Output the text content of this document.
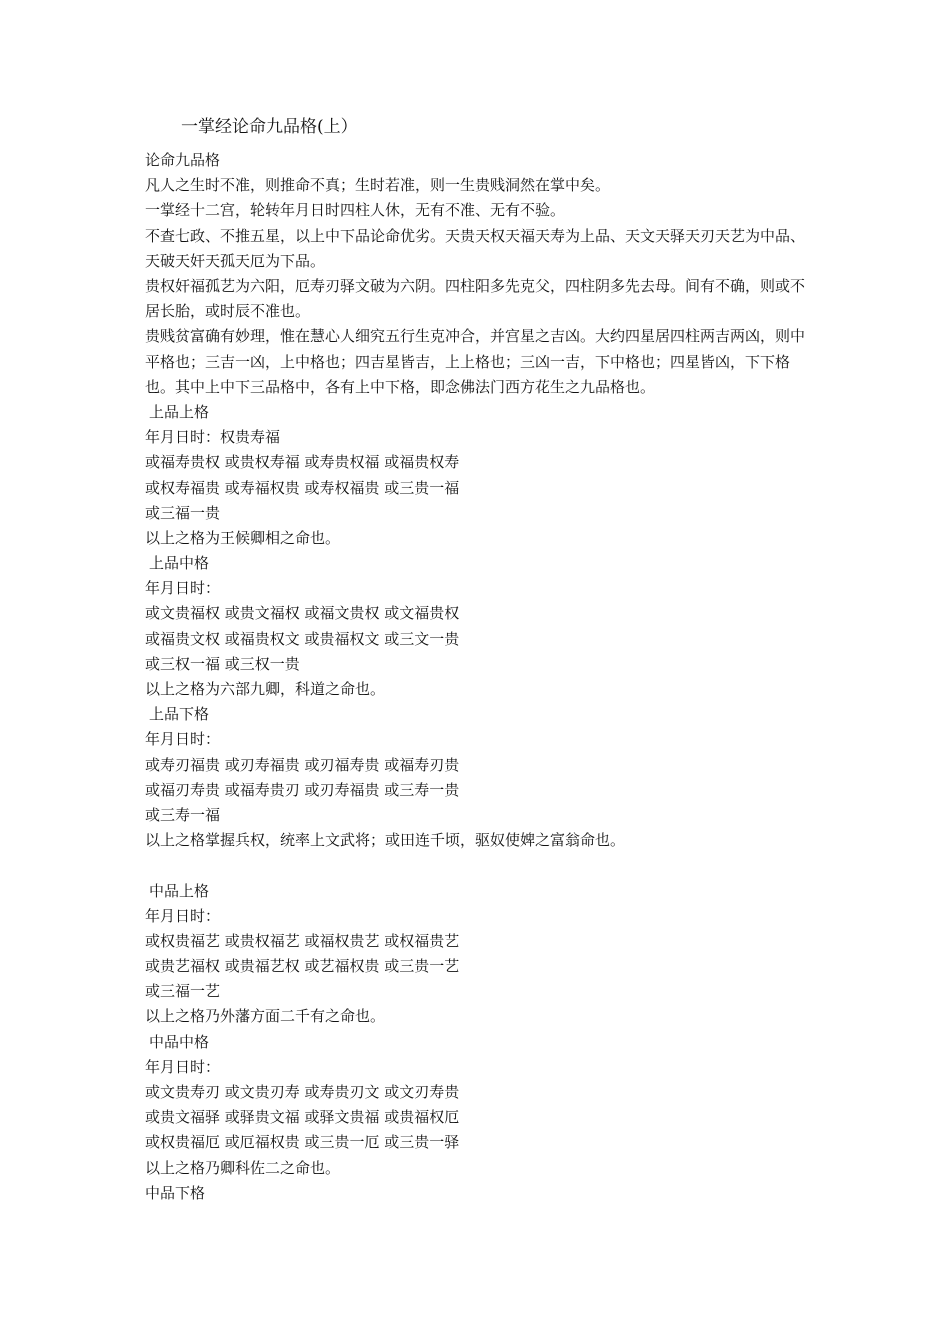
一掌经论命九品格(上）
论命九品格
凡人之生时不准，则推命不真；生时若准，则一生贵贱洞然在掌中矣。
一掌经十二宫，轮转年月日时四柱人休，无有不准、无有不验。
不查七政、不推五星，以上中下品论命优劣。天贵天权天福天寿为上品、天文天驿天刃天艺为中品、天破天奸天孤天厄为下品。
贵权奸福孤艺为六阳，厄寿刃驿文破为六阴。四柱阳多先克父，四柱阴多先去母。间有不确，则或不居长胎，或时辰不准也。
贵贱贫富确有妙理，惟在慧心人细究五行生克冲合，并宫星之吉凶。大约四星居四柱两吉两凶，则中平格也；三吉一凶，上中格也；四吉星皆吉，上上格也；三凶一吉，下中格也；四星皆凶，下下格也。其中上中下三品格中，各有上中下格，即念佛法门西方花生之九品格也。
上品上格
年月日时：权贵寿福
或福寿贵权 或贵权寿福 或寿贵权福 或福贵权寿
或权寿福贵 或寿福权贵 或寿权福贵 或三贵一福
或三福一贵
以上之格为王候卿相之命也。
上品中格
年月日时：
或文贵福权 或贵文福权 或福文贵权 或文福贵权
或福贵文权 或福贵权文 或贵福权文 或三文一贵
或三权一福 或三权一贵
以上之格为六部九卿，科道之命也。
上品下格
年月日时：
或寿刃福贵 或刃寿福贵 或刃福寿贵 或福寿刃贵
或福刃寿贵 或福寿贵刃 或刃寿福贵 或三寿一贵
或三寿一福
以上之格掌握兵权，统率上文武将；或田连千顷，驱奴使婢之富翁命也。
中品上格
年月日时：
或权贵福艺 或贵权福艺 或福权贵艺 或权福贵艺
或贵艺福权 或贵福艺权 或艺福权贵 或三贵一艺
或三福一艺
以上之格乃外藩方面二千有之命也。
中品中格
年月日时：
或文贵寿刃 或文贵刃寿 或寿贵刃文 或文刃寿贵
或贵文福驿 或驿贵文福 或驿文贵福 或贵福权厄
或权贵福厄 或厄福权贵 或三贵一厄 或三贵一驿
以上之格乃卿科佐二之命也。
中品下格
